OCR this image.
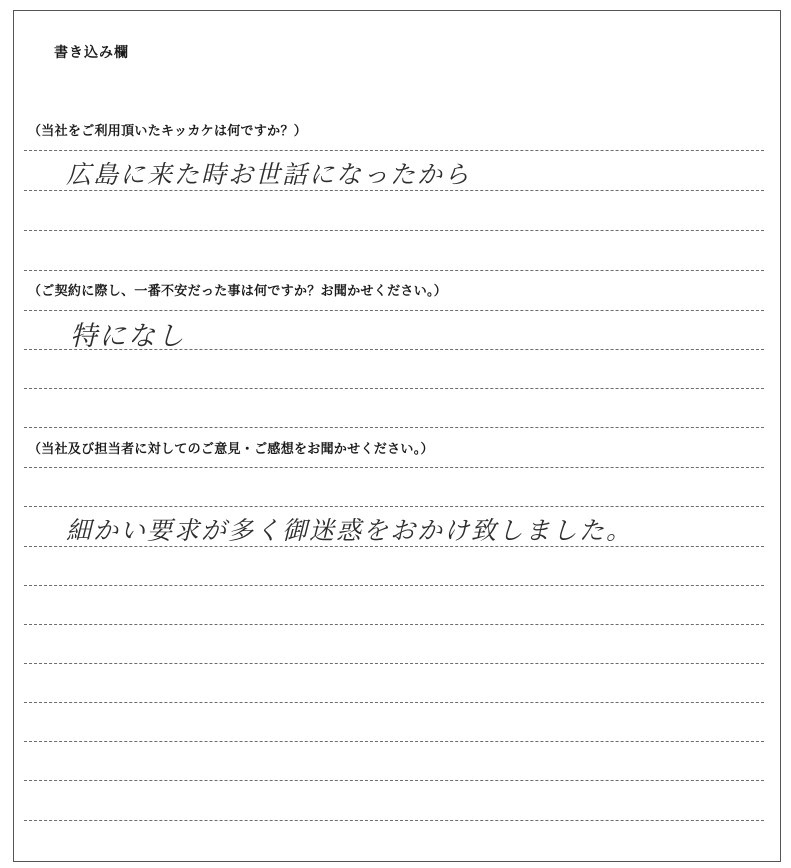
書き込み欄
（当社をご利用頂いたキッカケは何ですか？）
広島に来た時お世話になったから
（ご契約に際し、一番不安だった事は何ですか？お聞かせください。）
特になし
（当社及び担当者に対してのご意見・ご感想をお聞かせください。）
細かい要求が多く御迷惑をおかけ致しました。
